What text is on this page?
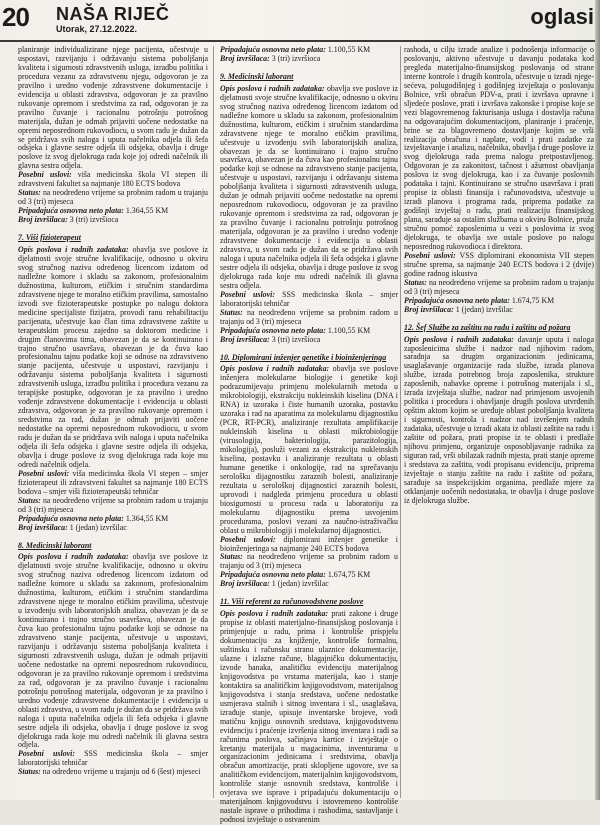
20 NAŠA RIJEČ
Utorak, 27.12.2022.	oglasi

planiranje individualiziranе njege pacijenta, učestvuje u uspostavi, razvijanju i održavanju sistema poboljšanja kvaliteta i sigurnosti zdravstvenih usluga, izradbu politika i procedura vezanu za zdravstvenu njegu, odgovoran je za pravilno i uredno vođenje zdravstvene dokumentacije i evidencija u oblasti zdravstva, odgovoran je za pravilno rukovanje opremom i sredstvima za rad, odgovoran je za pravilno čuvanje i racionalnu potrošnju potrošnog materijala, dužan je odmah prijaviti uočene nedostatke na opremi neposrednom rukovodiocu, u svom radu je dužan da se pridržava svih naloga i uputa načelnika odjela ili šefa odsjeka i glavne sestre odjela ili odsjeka, obavlja i druge poslove iz svog djelokruga rada koje joj odredi načelnik ili glavna sestra odjela.

Posebni uslovi: viša medicinska škola VI stepen ili zdravstveni fakultet sa najmanje 180 ECTS bodova

Status: na neodređeno vrijeme sa probnim radom u trajanju od 3 (tri) mjeseca

Pripadajuća osnovna neto plata: 1.364,55 KM

Broj izvršilaca: 3 (tri) izvršioca

7. Viši fizioterapeut

Opis poslova i radnih zadataka: obavlja sve poslove iz djelatnosti svoje stručne kvalifikacije, odnosno u okviru svog stručnog naziva određenog licencom izdatom od nadležne komore i skladu sa zakonom, profesionalnim dužnostima, kulturom, etičkim i stručnim standardima zdravstvene njege te moralno etičkim pravilima, samostalno izvodi sve fizioterapeutske postupke po nalogu doktora medicine specijaliste fizijatra, provodi ranu rehabilitaciju pacijenata, učestvuje kao član tima zdravstvene zaštite u terapeutskim procesu zajedno sa doktorom medicine i drugim članovima tima, obavezan je da se kontinuirano i trajno stručno usavršava, obavezan je da čuva kao profesionalnu tajnu podatke koji se odnose na zdravstveno stanje pacijenta, učestvuje u uspostavi, razvijanju i održavanju sistema poboljšanja kvaliteta i sigurnosti zdravstvenih usluga, izradbu politika i procedura vezanu za terapijske postupke, odgovoran je za pravilno i uredno vođenje zdravstvene dokumentacije i evidencija u oblasti zdravstva, odgovoran je za pravilno rukovanje opremom i sredstvima za rad, dužan je odmah prijaviti uočene nedostatke na opremi neposrednom rukovodiocu, u svom radu je dužan da se pridržava svih naloga i uputa načelnika odjela ili šefa odsjeka i glavne sestre odjela ili odsjeka, obavlja i druge poslove iz svog djelokruga rada koje mu odredi načelnik odjela.

Posebni uslovi: viša medicinska škola VI stepen – smjer fizioterapeut ili zdravstveni fakultet sa najmanje 180 ECTS bodova – smjer viši fizioterapeutski tehničar

Status: na neodređeno vrijeme sa probnim radom u trajanju od 3 (tri) mjeseca

Pripadajuća osnovna neto plata: 1.364,55 KM

Broj izvršilaca: 1 (jedan) izvršilac

8. Medicinski laborant

Opis poslova i radnih zadataka: obavlja sve poslove iz djelatnosti svoje stručne kvalifikacije, odnosno u okviru svog stručnog naziva određenog licencom izdatom od nadležne komore u skladu sa zakonom, profesionalnim dužnostima, kulturom, etičkim i stručnim standardima zdravstvene njege te moralno etičkim pravilima, učestvuje u izvođenju svih laboratorijskih analiza, obavezan je da se kontinuirano i trajno stručno usavršava, obavezan je da čuva kao profesionalnu tajnu podatke koji se odnose na zdravstveno stanje pacijenta, učestvuje u uspostavi, razvijanju i održavanju sistema poboljšanja kvaliteta i sigurnosti zdravstvenih usluga, dužan je odmah prijaviti uočene nedostatke na opremi neposrednom rukovodiocu, odgovoran je za pravilno rukovanje opremom i sredstvima za rad, odgovoran je za pravilno čuvanje i racionalnu potrošnju potrošnog materijala, odgovoran je za pravilno i uredno vođenje zdravstvene dokumentacije i evidencija u oblasti zdravstva, u svom radu je dužan da se pridržava svih naloga i uputa načelnika odjela ili šefa odsjeka i glavne sestre odjela ili odsjeka, obavlja i druge poslove iz svog djelokruga rada koje mu odredi načelnik ili glavna sestra odjela.

Posebni uslovi: SSS medicinska škola – smjer laboratorijski tehničar

Status: na određeno vrijeme u trajanju od 6 (šest) mjeseci

Pripadajuća osnovna neto plata: 1.100,55 KM

Broj izvršilaca: 3 (tri) izvršioca

9. Medicinski laborant

Opis poslova i radnih zadataka: obavlja sve poslove iz djelatnosti svoje stručne kvalifikacije, odnosno u okviru svog stručnog naziva određenog licencom izdatom od nadležne komore u skladu sa zakonom, profesionalnim dužnostima, kulturom, etičkim i stručnim standardima zdravstvene njege te moralno etičkim pravilima, učestvuje u izvođenju svih laboratorijskih analiza, obavezan je da se kontinuirano i trajno stručno usavršava, obavezan je da čuva kao profesionalnu tajnu podatke koji se odnose na zdravstveno stanje pacijenta, učestvuje u uspostavi, razvijanju i održavanju sistema poboljšanja kvaliteta i sigurnosti zdravstvenih usluga, dužan je odmah prijaviti uočene nedostatke na opremi neposrednom rukovodiocu, odgovoran je za pravilno rukovanje opremom i sredstvima za rad, odgovoran je za pravilno čuvanje i racionalnu potrošnju potrošnog materijala, odgovoran je za pravilno i uredno vođenje zdravstvene dokumentacije i evidencija u oblasti zdravstva, u svom radu je dužan da se pridržava svih naloga i uputa načelnika odjela ili šefa odsjeka i glavne sestre odjela ili odsjeka, obavlja i druge poslove iz svog djelokruga rada koje mu odredi načelnik ili glavna sestra odjela.

Posebni uslovi: SSS medicinska škola – smjer laboratorijski tehničar

Status: na neodređeno vrijeme sa probnim radom u trajanju od 3 (tri) mjeseca

Pripadajuća osnovna neto plata: 1.100,55 KM

Broj izvršilaca: 3 (tri) izvršioca

10. Diplomirani inženjer genetike i bioinženjeringa

Opis poslova i radnih zadataka: obavlja sve poslove inženjera molekularne biologije i genetike koji podrazumijevaju primjenu molekularnih metoda u mikrobiologiji, ekstrakciju nukleinskih kiselina (DNA i RNA) iz uzoraka i čiste humanih uzoraka, postavku uzoraka i rad na aparatima za molekularnu dijagnostiku (PCR, RT-PCR), analiziranje rezultata amplifikacije nukleinskih kiselina u oblasti mikrobiologije (virusologija, bakteriologija, parazitologija, mikologija), posluži vezani za ekstrakciju nukleinskih kiselina, postavku i analiziranje rezultata u oblasti humane genetike i onkologije, rad na sprečavanju serološku dijagnostiku zaraznih bolesti, analiziranje rezultata u serološkoj dijagnostici zaraznih bolesti, uprovodi i nadgleda primjenu procedura u oblasti biosigurnosti u procesu rada u laboratoriju za molekularnu dijagnostiku prema usvojenim procedurama, poslovi vezani za naučno-istraživačku oblast u mikrobiologiji i molekularnoj dijagnostici.

Posebni uslovi: diplomirani inženjer genetike i bioinženjeringa sa najmanje 240 ECTS bodova

Status: na neodređeno vrijeme sa probnim radom u trajanju od 3 (tri) mjeseca

Pripadajuća osnovna neto plata: 1.674,75 KM

Broj izvršilaca: 1 (jedan) izvršilac

11. Viši referent za računovodstvene poslove

Opis poslova i radnih zadataka: prati zakone i druge propise iz oblasti materijalno-finansijskog poslovanja i primjenjuje u radu, prima i kontroliše prispjelu dokumentaciju za knjiženje, kontroliše formalnu, suštinsku i računsku stranu ulaznice dokumentacije, ulazne i izlazne račune, blagajničku dokumentaciju, izvode banaka, analitičku evidenciju materijalnog knjigovodstva po vrstama materijala, kao i stanje kontaktira sa analitičkim knjigovodstvom, materijalnog knjigovodstva i stanja sredstava, uočene nedostatke usmjerava stalnih i sitnog inventara i sl., usaglašava, izrađuje stanje, upisuje inventarske brojeve, vodi matičnu knjigu osnovnih sredstava, knjigovodstvenu evidenciju i praćenje izvršenja sitnog inventara i radi sa računima poslova, sačinjava kartice i izvještaje o kretanju materijala u magacinima, inventurama u organizacionim jedinicama i sredstvima, obavlja obračun amortizacije, prati sklopljene ugovore, sve sa analitičkom evidencijom, materijalnim knjigovodstvom, kontroliše stanje osnovnih sredstava, kontroliše i ovjerava sve isprave i pripadajuću dokumentaciju o materijalnom knjigovodstvu i istovremeno kontroliše nastale isprave o prihodima i rashodima, sastavljanje i podnosi izvještaje o ostvarenim

rashoda, u cilju izrade analize i podnošenja informacije o poslovanju, aktivno učestvuje u davanju podataka kod pregleda materijalno-finansijskog poslovanja od strane interne kontrole i drugih kontrola, učestvuje u izradi njege-sećeva, polugodišnjeg i godišnjeg izvještaja o poslovanju Bolnice, vrši obračun PDV-a, prati i izvršava upravne i sljedeće poslove, prati i izvršava zakonske i propise koje se vezi blagovremenog fakturisanja usluga i dostavlja računa na odgovarajućim dokumentacijom, planiranje i praćenje, brine se za blagovremeno dostavljanje kojim se vrši realizacija obračuna i naplate, vodi i prati zadatke za izvještavanje i analizu, načelnika, obavlja i druge poslove iz svog djelokruga rada prema nalogu pretpostavljenog. Odgovoran je za zakonitost, tačnost i ažurnost obavljanja poslova iz svog djelokruga, kao i za čuvanje poslovnih podataka i tajni. Kontinuirano se stručno usavršava i prati propise iz oblasti finansija i računovodstva, učestvuje u izradi planova i programa rada, priprema podatke za godišnji izvještaj o radu, prati realizaciju finansijskog plana, sarađuje sa ostalim službama u okviru Bolnice, pruža stručnu pomoć zaposlenima u vezi s poslovima iz svog djelokruga, te obavlja sve ostale poslove po nalogu neposrednog rukovodioca i direktora.

Posebni uslovi: VSS diplomirani ekonomista VII stepen stručne sprema, sa najmanje 240 ECTS bodova i 2 (dvije) godine radnog iskustva

Status: na neodređeno vrijeme sa probnim radom u trajanju od 3 (tri) mjeseca

Pripadajuća osnovna neto plata: 1.674,75 KM

Broj izvršilaca: 1 (jedan) izvršilac

12. Šef Službe za zaštitu na radu i zaštitu od požara

Opis poslova i radnih zadataka: davanje uputa i naloga zaposlenicima službe i nadzor nad njihovim radom, saradnja sa drugim organizacionim jedinicama, usaglašavanje organizacije rada službe, izrada planova službe, izrada potrebnog broja zaposlenika, strukture zaposlenih, nabavke opreme i potrošnog materijala i sl., izrada izvještaja službe, nadzor nad primjenom usvojenih politika i procedura i obavljanje drugih poslova utvrđenih opštim aktom kojim se uređuje oblast poboljšanja kvaliteta i sigurnosti, kontrola i nadzor nad izvršenjem radnih zadataka, učestvuje u izradi akata iz oblasti zaštite na radu i zaštite od požara, prati propise iz te oblasti i predlaže njihovu primjenu, organizuje osposobljavanje radnika za siguran rad, vrši obilazak radnih mjesta, prati stanje opreme i sredstava za zaštitu, vodi propisanu evidenciju, priprema izvještaje o stanju zaštite na radu i zaštite od požara, sarađuje sa inspekcijskim organima, predlaže mjere za otklanjanje uočenih nedostataka, te obavlja i druge poslove iz djelokruga službe.
